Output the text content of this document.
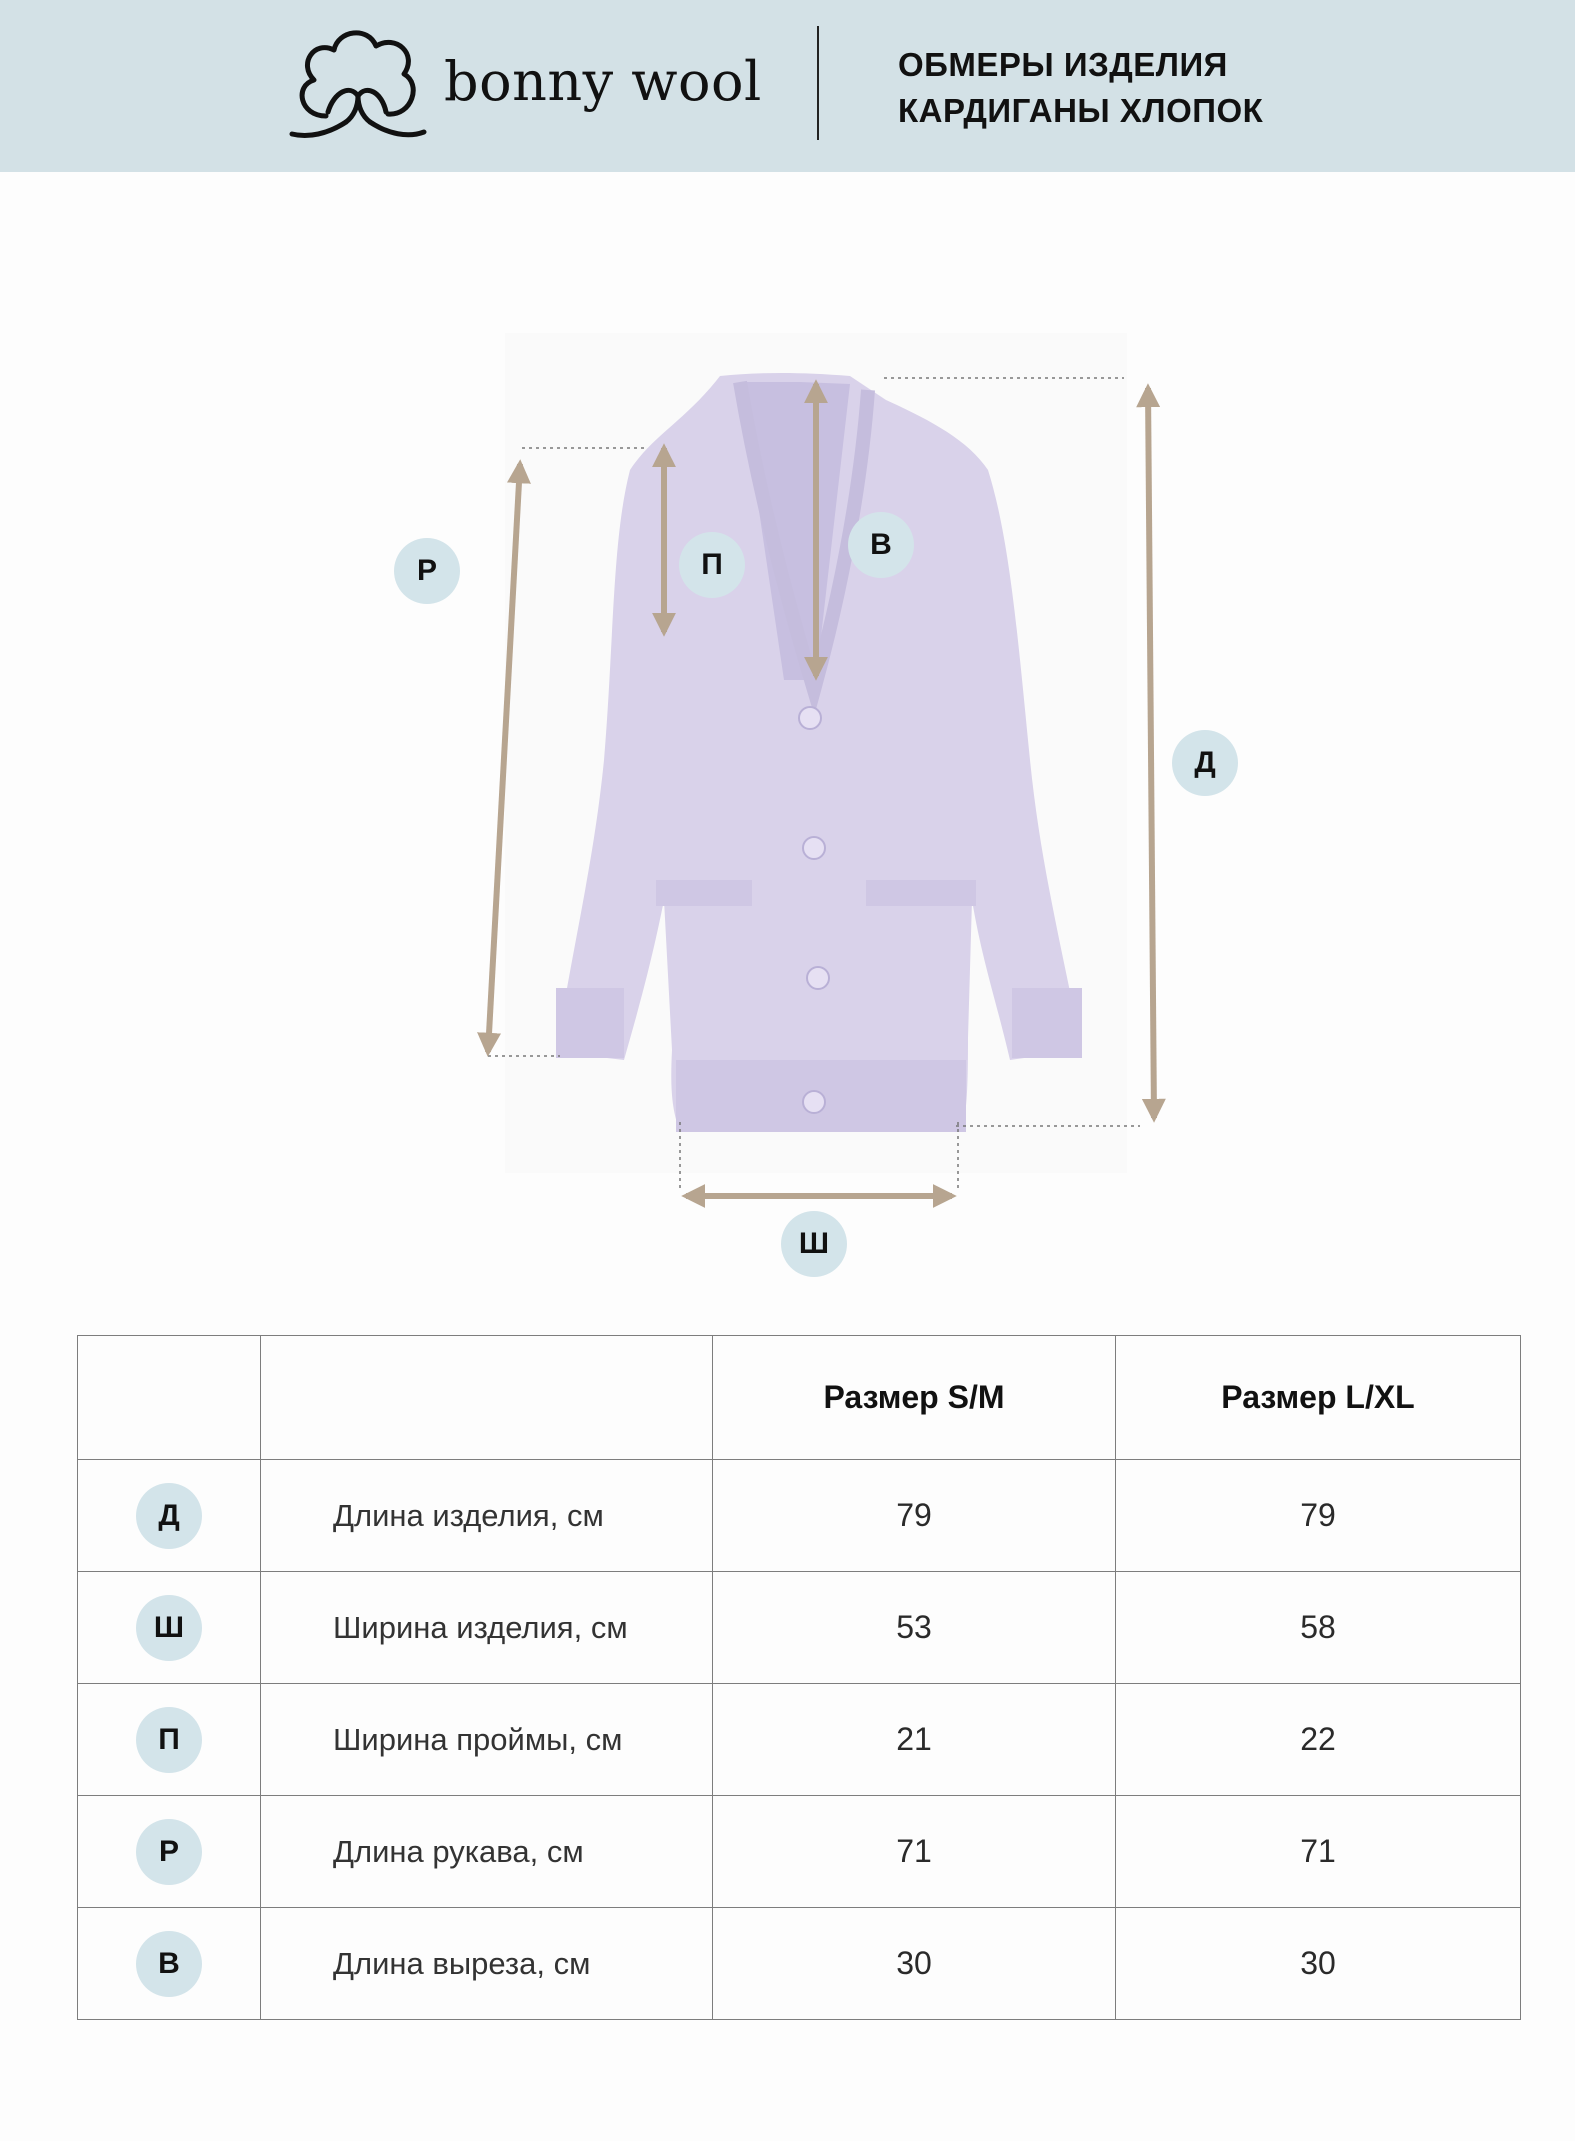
bonny wool	ОБМЕРЫ ИЗДЕЛИЯ
КАРДИГАНЫ ХЛОПОК
Д
Р	П
В
Ш
		Размер S/M	Размер L/XL
Д	Длина изделия, см	79	79
Ш	Ширина изделия, см	53	58
П	Ширина проймы, см	21	22
Р	Длина рукава, см	71	71
В	Длина выреза, см	30	30
